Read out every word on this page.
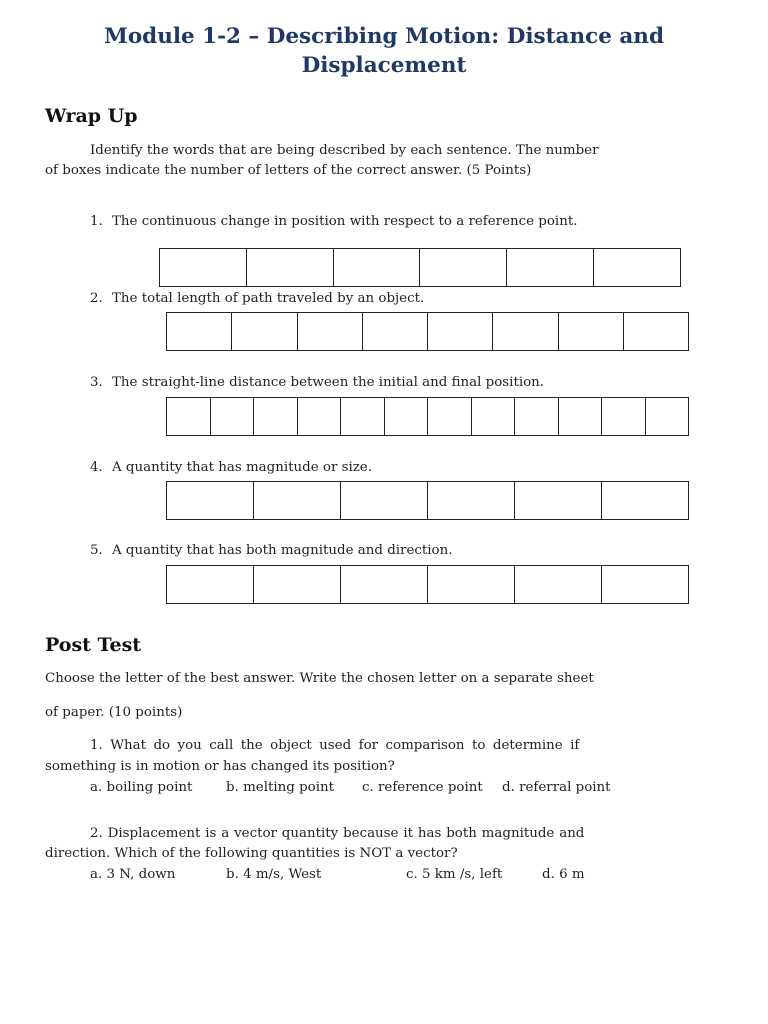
Module 1-2 – Describing Motion: Distance and
Displacement
Wrap Up
Identify the words that are being described by each sentence. The number
of boxes indicate the number of letters of the correct answer. (5 Points)
1. The continuous change in position with respect to a reference point.
2. The total length of path traveled by an object.
3. The straight-line distance between the initial and final position.
4. A quantity that has magnitude or size.
5. A quantity that has both magnitude and direction.
Post Test
Choose the letter of the best answer. Write the chosen letter on a separate sheet
of paper. (10 points)
1. What do you call the object used for comparison to determine if
something is in motion or has changed its position?
a. boiling point	b. melting point c. reference point d. referral point
2. Displacement is a vector quantity because it has both magnitude and
direction. Which of the following quantities is NOT a vector?
a. 3 N, down	b. 4 m/s, West	c. 5 km /s, left	d. 6 m
